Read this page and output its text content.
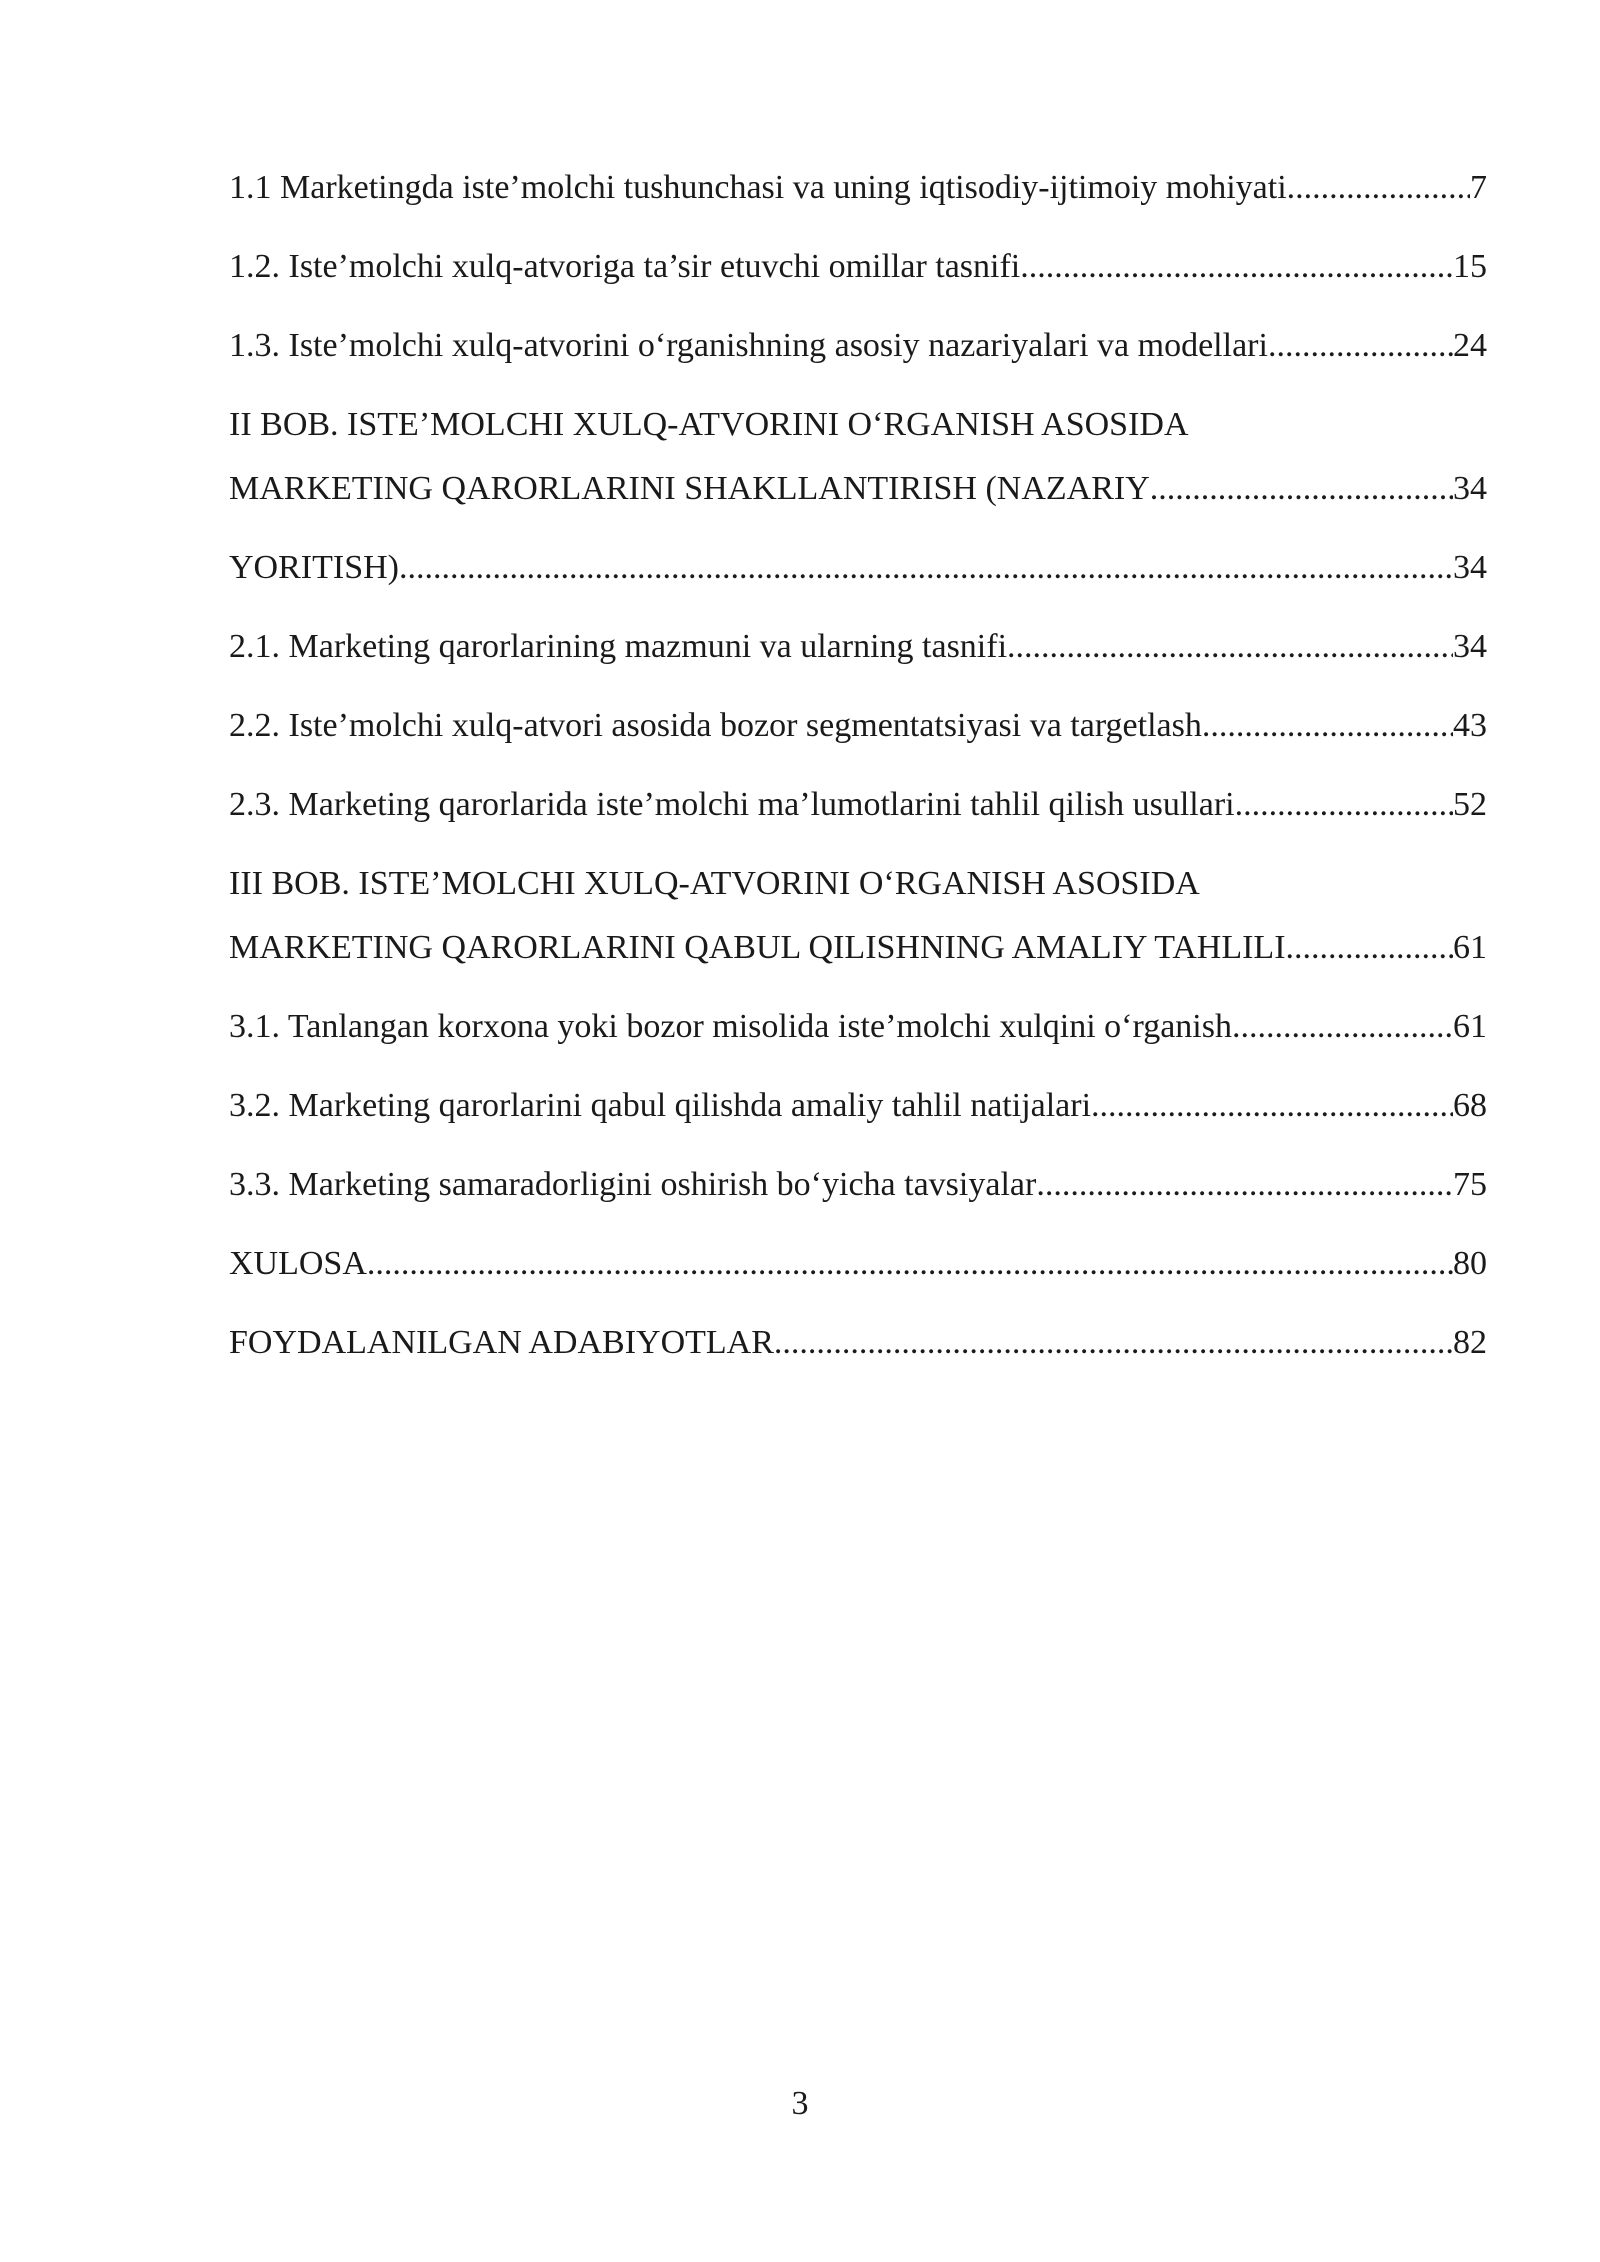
1.1 Marketingda iste’molchi tushunchasi va uning iqtisodiy-ijtimoiy mohiyati .....	7
1.2. Iste’molchi xulq-atvoriga ta’sir etuvchi omillar tasnifi .....	15
1.3. Iste’molchi xulq-atvorini o‘rganishning asosiy nazariyalari va modellari .....	24
II BOB. ISTE’MOLCHI XULQ-ATVORINI O‘RGANISH ASOSIDA
MARKETING QARORLARINI SHAKLLANTIRISH (NAZARIY .....	34
YORITISH) .....	34
2.1. Marketing qarorlarining mazmuni va ularning tasnifi .....	34
2.2. Iste’molchi xulq-atvori asosida bozor segmentatsiyasi va targetlash .....	43
2.3. Marketing qarorlarida iste’molchi ma’lumotlarini tahlil qilish usullari .....	52
III BOB. ISTE’MOLCHI XULQ-ATVORINI O‘RGANISH ASOSIDA
MARKETING QARORLARINI QABUL QILISHNING AMALIY TAHLILI .....	61
3.1. Tanlangan korxona yoki bozor misolida iste’molchi xulqini o‘rganish .....	61
3.2. Marketing qarorlarini qabul qilishda amaliy tahlil natijalari .....	68
3.3. Marketing samaradorligini oshirish bo‘yicha tavsiyalar .....	75
XULOSA .....	80
FOYDALANILGAN ADABIYOTLAR .....	82
3
